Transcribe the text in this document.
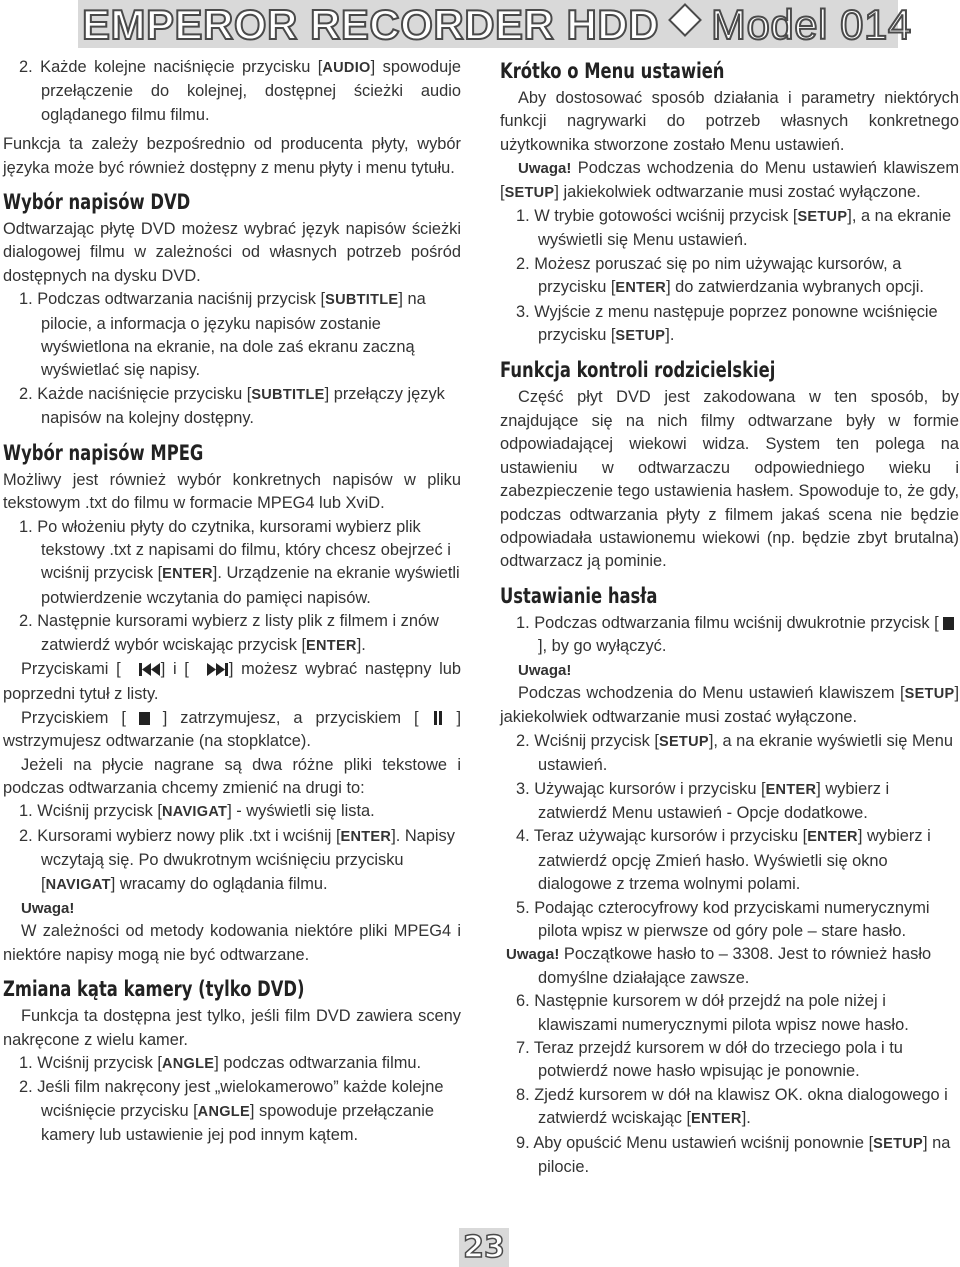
EMPEROR RECORDER HDD Model 014

2. Każde kolejne naciśnięcie przycisku [AUDIO] spowoduje przełączenie do kolejnej, dostępnej ścieżki audio oglądanego filmu filmu.

Funkcja ta zależy bezpośrednio od producenta płyty, wybór języka może być również dostępny z menu płyty i menu tytułu.

Wybór napisów DVD

Odtwarzając płytę DVD możesz wybrać język napisów ścieżki dialogowej filmu w zależności od własnych potrzeb pośród dostępnych na dysku DVD.

1. Podczas odtwarzania naciśnij przycisk [SUBTITLE] na pilocie, a informacja o języku napisów zostanie wyświetlona na ekranie, na dole zaś ekranu zaczną wyświetlać się napisy.

2. Każde naciśnięcie przycisku [SUBTITLE] przełączy język napisów na kolejny dostępny.

Wybór napisów MPEG

Możliwy jest również wybór konkretnych napisów w pliku tekstowym .txt do filmu w formacie MPEG4 lub XviD.

1. Po włożeniu płyty do czytnika, kursorami wybierz plik tekstowy .txt z napisami do filmu, który chcesz obejrzeć i wciśnij przycisk [ENTER]. Urządzenie na ekranie wyświetli potwierdzenie wczytania do pamięci napisów.

2. Następnie kursorami wybierz z listy plik z filmem i znów zatwierdź wybór wciskając przycisk [ENTER].

Przyciskami [ ] i [ ] możesz wybrać następny lub poprzedni tytuł z listy.

Przyciskiem [  ] zatrzymujesz, a przyciskiem [  ] wstrzymujesz odtwarzanie (na stopklatce).

Jeżeli na płycie nagrane są dwa różne pliki tekstowe i podczas odtwarzania chcemy zmienić na drugi to:

1. Wciśnij przycisk [NAVIGAT] - wyświetli się lista.

2. Kursorami wybierz nowy plik .txt i wciśnij [ENTER]. Napisy wczytają się. Po dwukrotnym wciśnięciu przycisku [NAVIGAT] wracamy do oglądania filmu.

Uwaga!

W zależności od metody kodowania niektóre pliki MPEG4 i niektóre napisy mogą nie być odtwarzane.

Zmiana kąta kamery (tylko DVD)

Funkcja ta dostępna jest tylko, jeśli film DVD zawiera sceny nakręcone z wielu kamer.

1. Wciśnij przycisk [ANGLE] podczas odtwarzania filmu.

2. Jeśli film nakręcony jest „wielokamerowo” każde kolejne wciśnięcie przycisku [ANGLE] spowoduje przełączanie kamery lub ustawienie jej pod innym kątem.

Krótko o Menu ustawień

Aby dostosować sposób działania i parametry niektórych funkcji nagrywarki do potrzeb własnych konkretnego użytkownika stworzone zostało Menu ustawień.

Uwaga! Podczas wchodzenia do Menu ustawień klawiszem [SETUP] jakiekolwiek odtwarzanie musi zostać wyłączone.

1. W trybie gotowości wciśnij przycisk [SETUP], a na ekranie wyświetli się Menu ustawień.

2. Możesz poruszać się po nim używając kursorów, a przycisku [ENTER] do zatwierdzania wybranych opcji.

3. Wyjście z menu następuje poprzez ponowne wciśnięcie przycisku [SETUP].

Funkcja kontroli rodzicielskiej

Część płyt DVD jest zakodowana w ten sposób, by znajdujące się na nich filmy odtwarzane były w formie odpowiadającej wiekowi widza. System ten polega na ustawieniu w odtwarzaczu odpowiedniego wieku i zabezpieczenie tego ustawienia hasłem. Spowoduje to, że gdy, podczas odtwarzania płyty z filmem jakaś scena nie będzie odpowiadała ustawionemu wiekowi (np. będzie zbyt brutalna) odtwarzacz ją pominie.

Ustawianie hasła

1. Podczas odtwarzania filmu wciśnij dwukrotnie przycisk [  ], by go wyłączyć.

Uwaga!

Podczas wchodzenia do Menu ustawień klawiszem [SETUP] jakiekolwiek odtwarzanie musi zostać wyłączone.

2. Wciśnij przycisk [SETUP], a na ekranie wyświetli się Menu ustawień.

3. Używając kursorów i przycisku [ENTER] wybierz i zatwierdź Menu ustawień - Opcje dodatkowe.

4. Teraz używając kursorów i przycisku [ENTER] wybierz i zatwierdź opcję Zmień hasło. Wyświetli się okno dialogowe z trzema wolnymi polami.

5. Podając czterocyfrowy kod przyciskami numerycznymi pilota wpisz w pierwsze od góry pole – stare hasło.

Uwaga! Początkowe hasło to – 3308. Jest to również hasło domyślne działające zawsze.

6. Następnie kursorem w dół przejdź na pole niżej i klawiszami numerycznymi pilota wpisz nowe hasło.

7. Teraz przejdź kursorem w dół do trzeciego pola i tu potwierdź nowe hasło wpisując je ponownie.

8. Zjedź kursorem w dół na klawisz OK. okna dialogowego i zatwierdź wciskając [ENTER].

9. Aby opuścić Menu ustawień wciśnij ponownie [SETUP] na pilocie.

23
